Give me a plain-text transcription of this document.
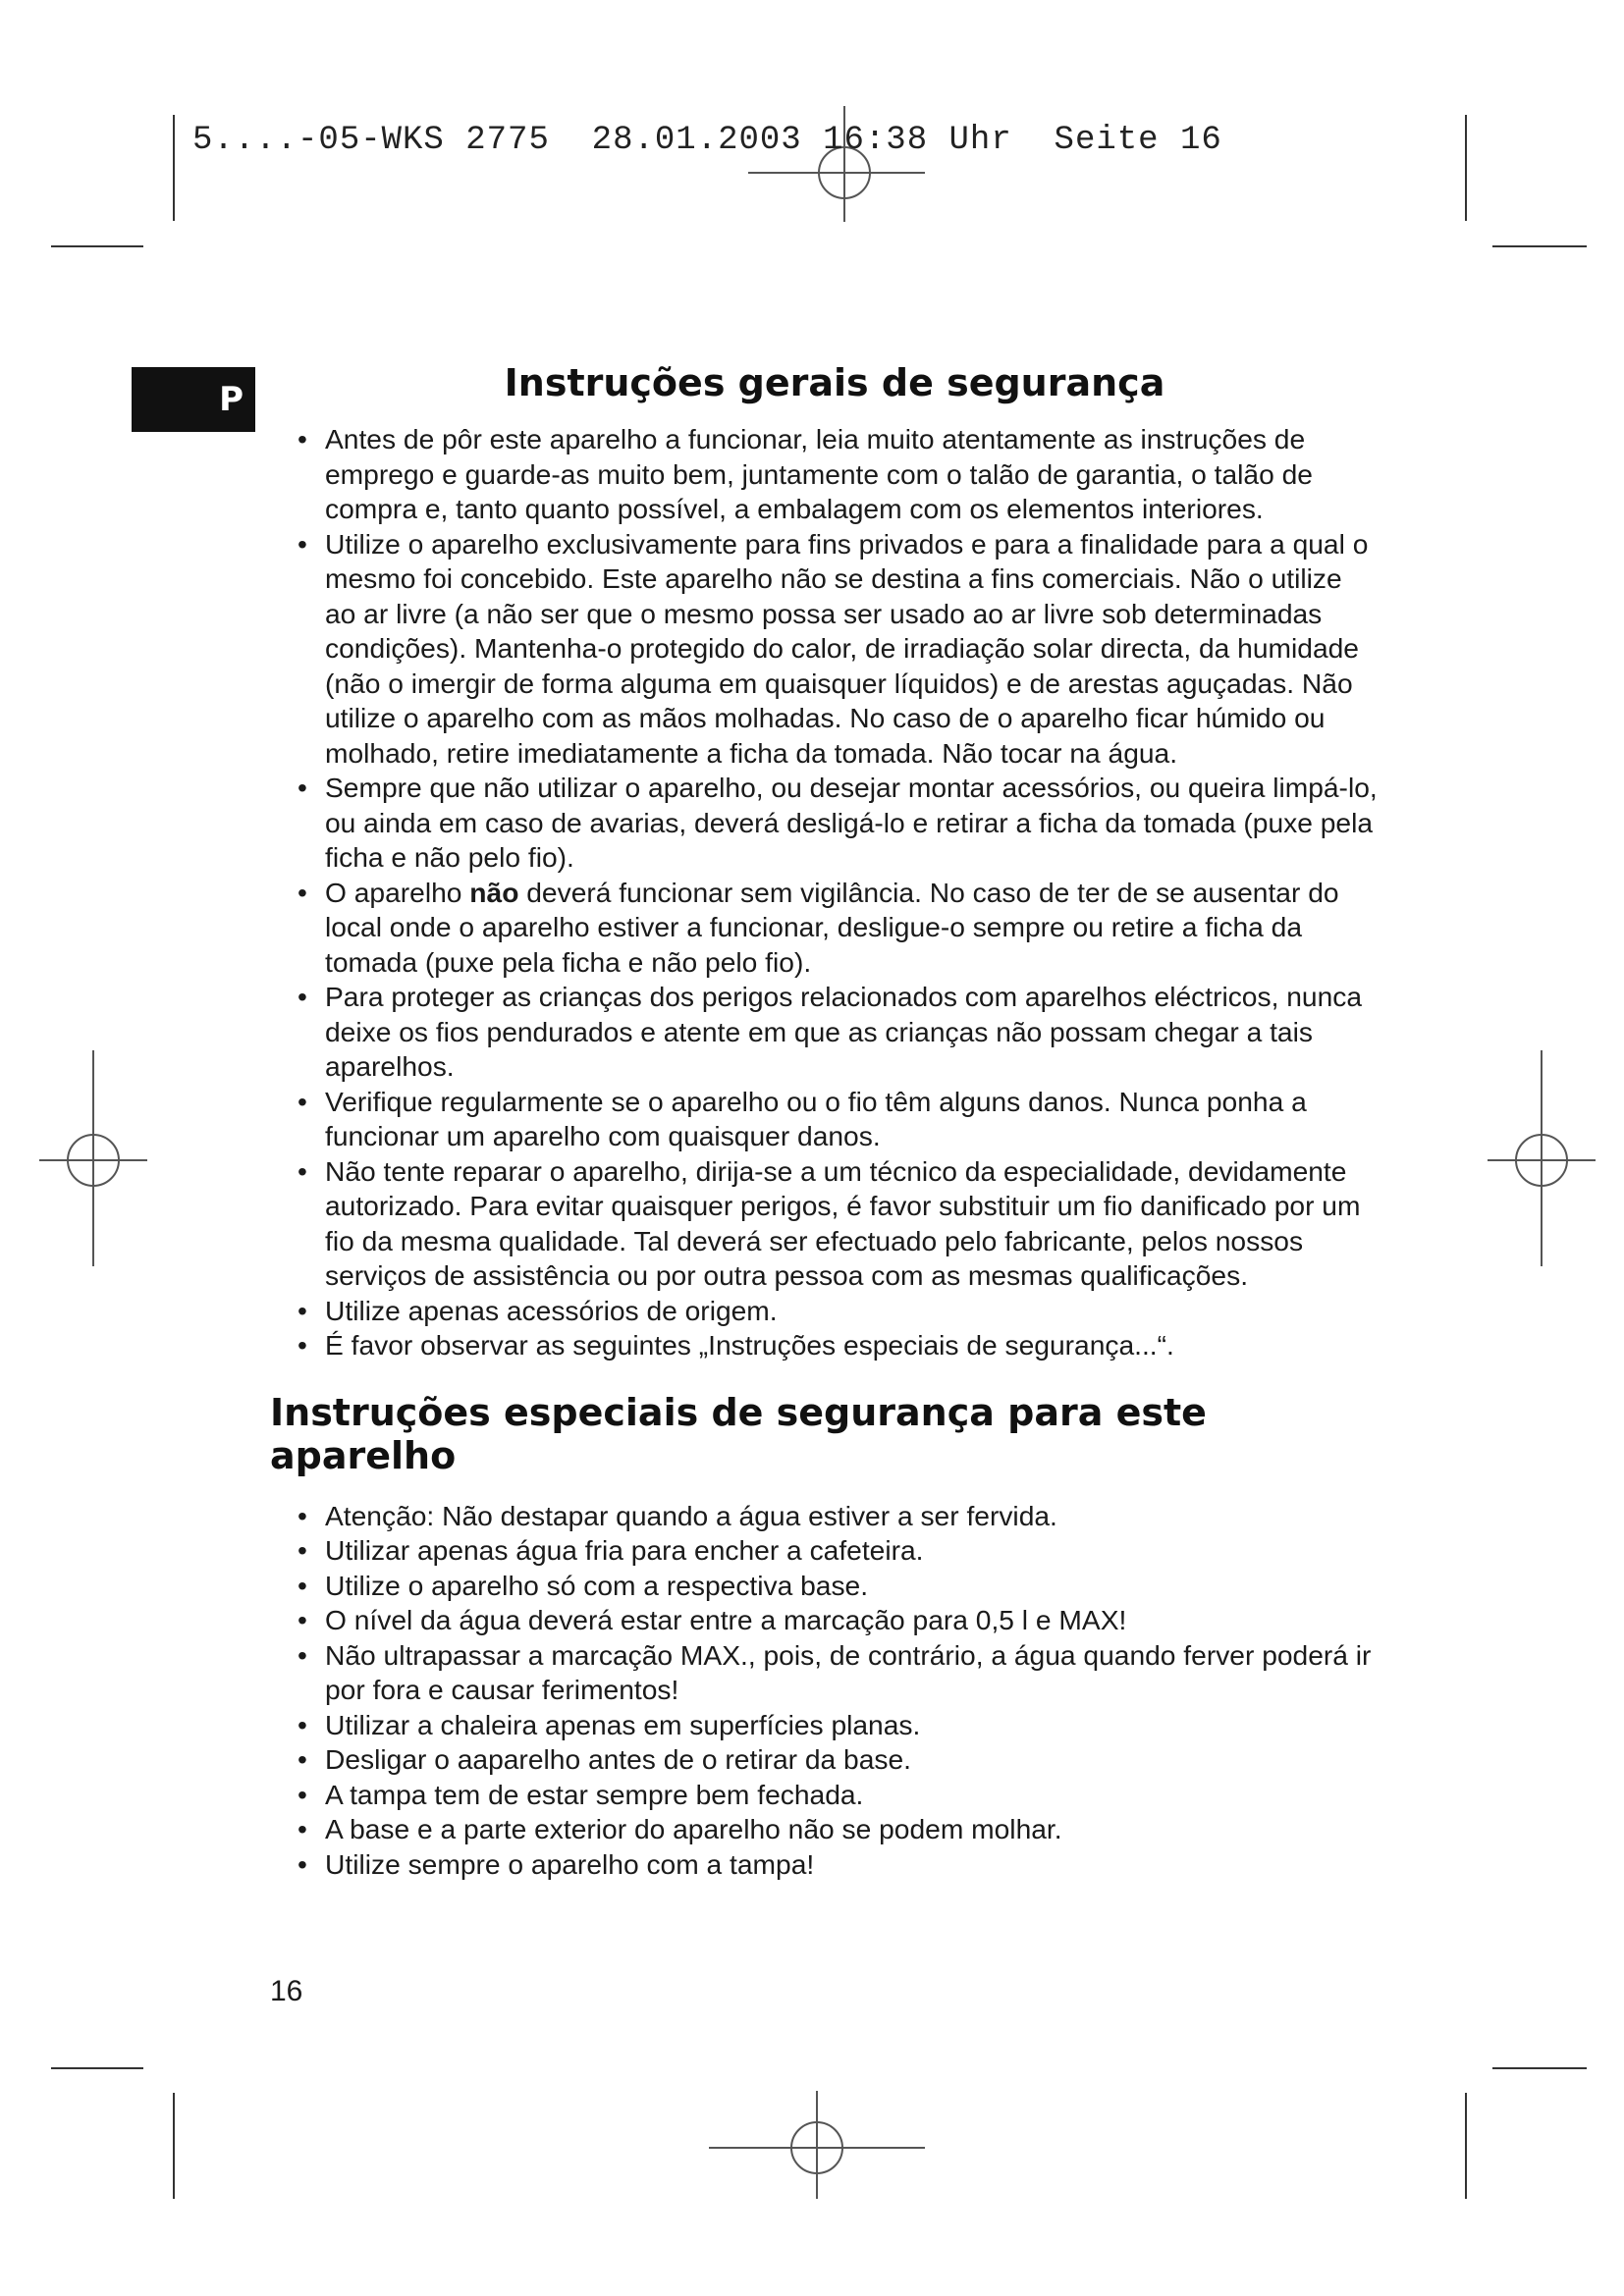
5....-05-WKS 2775  28.01.2003 16:38 Uhr  Seite 16
P	Instruções gerais de segurança
• Antes de pôr este aparelho a funcionar, leia muito atentamente as instruções de emprego e guarde-as muito bem, juntamente com o talão de garantia, o talão de compra e, tanto quanto possível, a embalagem com os elementos interiores.
• Utilize o aparelho exclusivamente para fins privados e para a finalidade para a qual o mesmo foi concebido. Este aparelho não se destina a fins comerciais. Não o utilize ao ar livre (a não ser que o mesmo possa ser usado ao ar livre sob determinadas condições). Mantenha-o protegido do calor, de irradiação solar directa, da humidade (não o imergir de forma alguma em quaisquer líquidos) e de arestas aguçadas. Não utilize o aparelho com as mãos molhadas. No caso de o aparelho ficar húmido ou molhado, retire imediatamente a ficha da tomada. Não tocar na água.
• Sempre que não utilizar o aparelho, ou desejar montar acessórios, ou queira limpá-lo, ou ainda em caso de avarias, deverá desligá-lo e retirar a ficha da tomada (puxe pela ficha e não pelo fio).
• O aparelho não deverá funcionar sem vigilância. No caso de ter de se ausentar do local onde o aparelho estiver a funcionar, desligue-o sempre ou retire a ficha da tomada (puxe pela ficha e não pelo fio).
• Para proteger as crianças dos perigos relacionados com aparelhos eléctricos, nunca deixe os fios pendurados e atente em que as crianças não possam chegar a tais aparelhos.
• Verifique regularmente se o aparelho ou o fio têm alguns danos. Nunca ponha a funcionar um aparelho com quaisquer danos.
• Não tente reparar o aparelho, dirija-se a um técnico da especialidade, devidamente autorizado. Para evitar quaisquer perigos, é favor substituir um fio danificado por um fio da mesma qualidade. Tal deverá ser efectuado pelo fabricante, pelos nossos serviços de assistência ou por outra pessoa com as mesmas qualificações.
• Utilize apenas acessórios de origem.
• É favor observar as seguintes „Instruções especiais de segurança...“.
Instruções especiais de segurança para este aparelho
• Atenção: Não destapar quando a água estiver a ser fervida.
• Utilizar apenas água fria para encher a cafeteira.
• Utilize o aparelho só com a respectiva base.
• O nível da água deverá estar entre a marcação para 0,5 l e MAX!
• Não ultrapassar a marcação MAX., pois, de contrário, a água quando ferver poderá ir por fora e causar ferimentos!
• Utilizar a chaleira apenas em superfícies planas.
• Desligar o aaparelho antes de o retirar da base.
• A tampa tem de estar sempre bem fechada.
• A base e a parte exterior do aparelho não se podem molhar.
• Utilize sempre o aparelho com a tampa!
16
